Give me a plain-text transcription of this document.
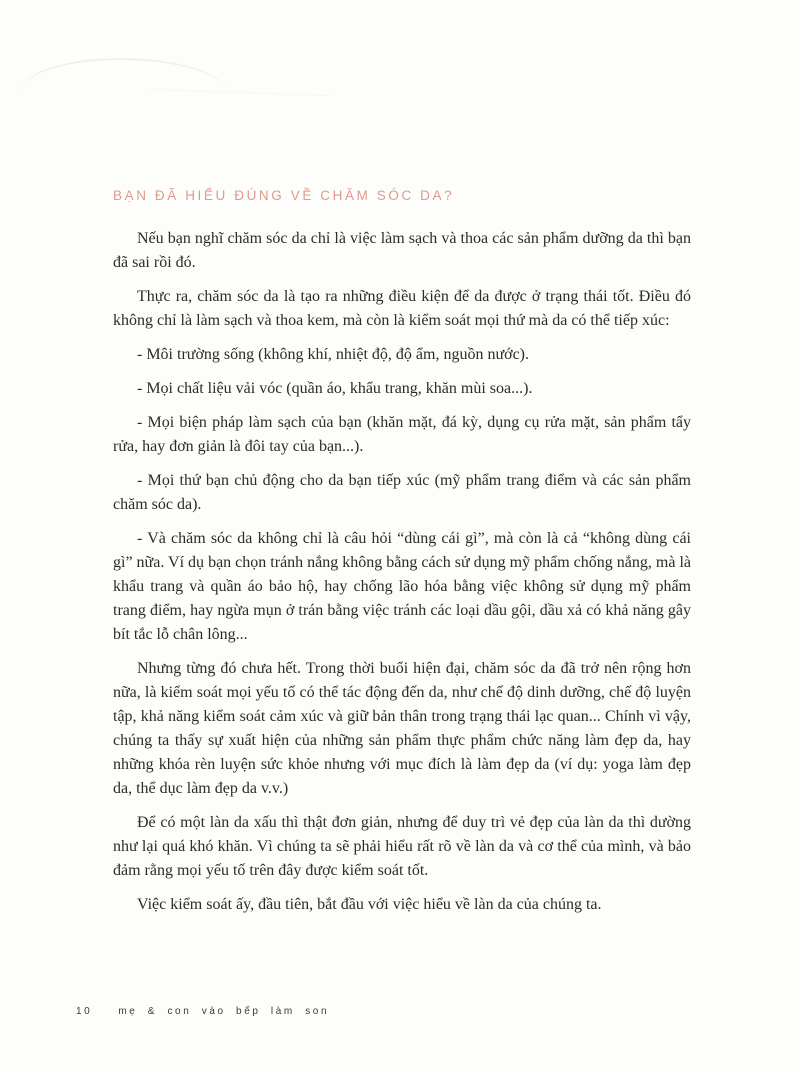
BẠN ĐÃ HIỂU ĐÚNG VỀ CHĂM SÓC DA?

Nếu bạn nghĩ chăm sóc da chỉ là việc làm sạch và thoa các sản phẩm dưỡng da thì bạn đã sai rồi đó.

Thực ra, chăm sóc da là tạo ra những điều kiện để da được ở trạng thái tốt. Điều đó không chỉ là làm sạch và thoa kem, mà còn là kiểm soát mọi thứ mà da có thể tiếp xúc:

- Môi trường sống (không khí, nhiệt độ, độ ẩm, nguồn nước).

- Mọi chất liệu vải vóc (quần áo, khẩu trang, khăn mùi soa...).

- Mọi biện pháp làm sạch của bạn (khăn mặt, đá kỳ, dụng cụ rửa mặt, sản phẩm tẩy rửa, hay đơn giản là đôi tay của bạn...).

- Mọi thứ bạn chủ động cho da bạn tiếp xúc (mỹ phẩm trang điểm và các sản phẩm chăm sóc da).

- Và chăm sóc da không chỉ là câu hỏi “dùng cái gì”, mà còn là cả “không dùng cái gì” nữa. Ví dụ bạn chọn tránh nắng không bằng cách sử dụng mỹ phẩm chống nắng, mà là khẩu trang và quần áo bảo hộ, hay chống lão hóa bằng việc không sử dụng mỹ phẩm trang điểm, hay ngừa mụn ở trán bằng việc tránh các loại dầu gội, dầu xả có khả năng gây bít tắc lỗ chân lông...

Nhưng từng đó chưa hết. Trong thời buổi hiện đại, chăm sóc da đã trở nên rộng hơn nữa, là kiểm soát mọi yếu tố có thể tác động đến da, như chế độ dinh dưỡng, chế độ luyện tập, khả năng kiểm soát cảm xúc và giữ bản thân trong trạng thái lạc quan... Chính vì vậy, chúng ta thấy sự xuất hiện của những sản phẩm thực phẩm chức năng làm đẹp da, hay những khóa rèn luyện sức khỏe nhưng với mục đích là làm đẹp da (ví dụ: yoga làm đẹp da, thể dục làm đẹp da v.v.)

Để có một làn da xấu thì thật đơn giản, nhưng để duy trì vẻ đẹp của làn da thì dường như lại quá khó khăn. Vì chúng ta sẽ phải hiểu rất rõ về làn da và cơ thể của mình, và bảo đảm rằng mọi yếu tố trên đây được kiểm soát tốt.

Việc kiểm soát ấy, đầu tiên, bắt đầu với việc hiểu về làn da của chúng ta.

10	mẹ & con vào bếp làm son
